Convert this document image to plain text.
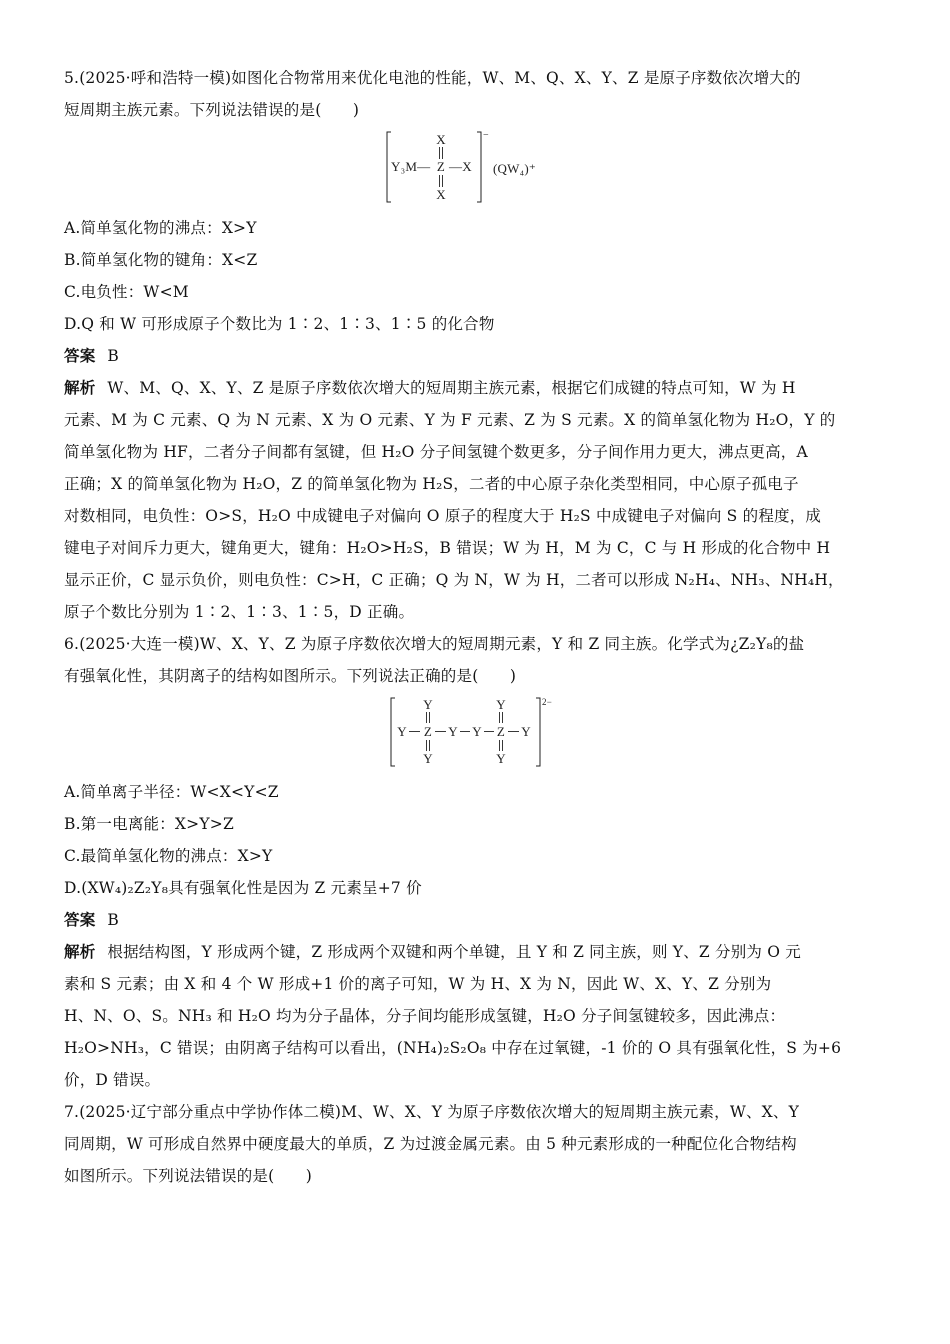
5.(2025·呼和浩特一模)如图化合物常用来优化电池的性能，W、M、Q、X、Y、Z 是原子序数依次增大的
短周期主族元素。下列说法错误的是(　　)
X
Y₃M— Z —X
X
−
(QW₄)⁺
A.简单氢化物的沸点：X>Y
B.简单氢化物的键角：X<Z
C.电负性：W<M
D.Q 和 W 可形成原子个数比为 1∶2、1∶3、1∶5 的化合物
答案 B
解析 W、M、Q、X、Y、Z 是原子序数依次增大的短周期主族元素，根据它们成键的特点可知，W 为 H
元素、M 为 C 元素、Q 为 N 元素、X 为 O 元素、Y 为 F 元素、Z 为 S 元素。X 的简单氢化物为 H₂O，Y 的
简单氢化物为 HF，二者分子间都有氢键，但 H₂O 分子间氢键个数更多，分子间作用力更大，沸点更高，A
正确；X 的简单氢化物为 H₂O，Z 的简单氢化物为 H₂S，二者的中心原子杂化类型相同，中心原子孤电子
对数相同，电负性：O>S，H₂O 中成键电子对偏向 O 原子的程度大于 H₂S 中成键电子对偏向 S 的程度，成
键电子对间斥力更大，键角更大，键角：H₂O>H₂S，B 错误；W 为 H，M 为 C，C 与 H 形成的化合物中 H
显示正价，C 显示负价，则电负性：C>H，C 正确；Q 为 N，W 为 H，二者可以形成 N₂H₄、NH₃、NH₄H，
原子个数比分别为 1∶2、1∶3、1∶5，D 正确。
6.(2025·大连一模)W、X、Y、Z 为原子序数依次增大的短周期元素，Y 和 Z 同主族。化学式为¿Z₂Y₈的盐
有强氧化性，其阴离子的结构如图所示。下列说法正确的是(　　)
Y	Y
Y Z Y Y Z Y
Y	Y
2−
A.简单离子半径：W<X<Y<Z
B.第一电离能：X>Y>Z
C.最简单氢化物的沸点：X>Y
D.(XW₄)₂Z₂Y₈具有强氧化性是因为 Z 元素呈+7 价
答案 B
解析 根据结构图，Y 形成两个键，Z 形成两个双键和两个单键，且 Y 和 Z 同主族，则 Y、Z 分别为 O 元
素和 S 元素；由 X 和 4 个 W 形成+1 价的离子可知，W 为 H、X 为 N，因此 W、X、Y、Z 分别为
H、N、O、S。NH₃ 和 H₂O 均为分子晶体，分子间均能形成氢键，H₂O 分子间氢键较多，因此沸点：
H₂O>NH₃，C 错误；由阴离子结构可以看出，(NH₄)₂S₂O₈ 中存在过氧键，-1 价的 O 具有强氧化性，S 为+6
价，D 错误。
7.(2025·辽宁部分重点中学协作体二模)M、W、X、Y 为原子序数依次增大的短周期主族元素，W、X、Y
同周期，W 可形成自然界中硬度最大的单质，Z 为过渡金属元素。由 5 种元素形成的一种配位化合物结构
如图所示。下列说法错误的是(　　)
